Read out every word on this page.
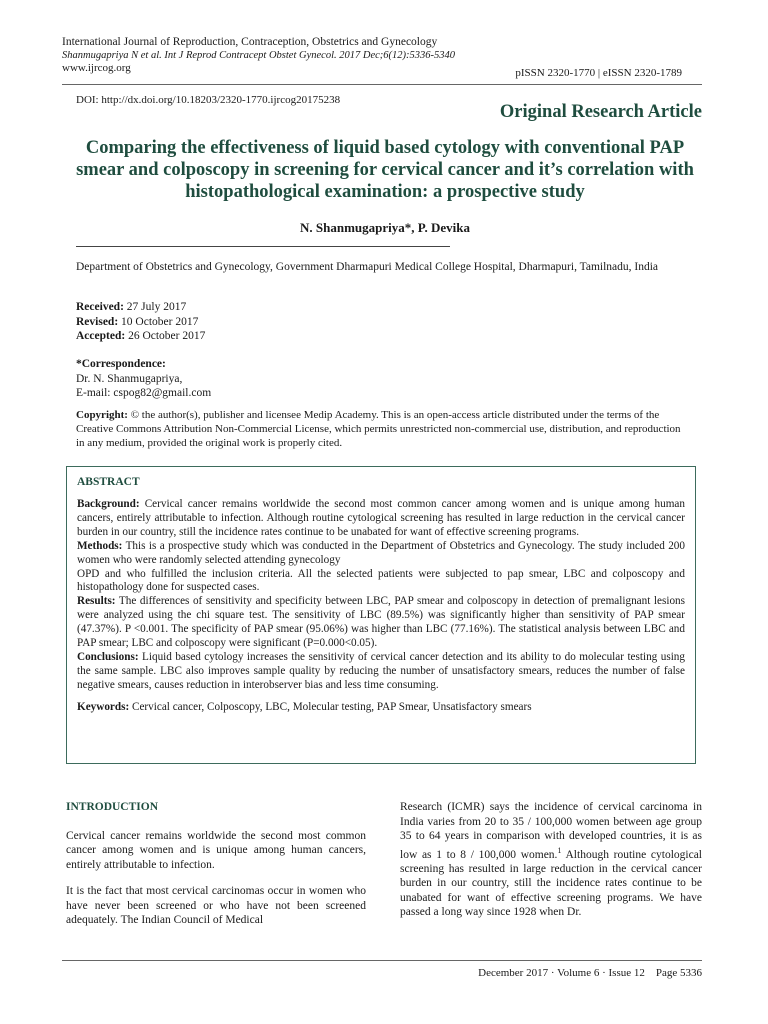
International Journal of Reproduction, Contraception, Obstetrics and Gynecology
Shanmugapriya N et al. Int J Reprod Contracept Obstet Gynecol. 2017 Dec;6(12):5336-5340
www.ijrcog.org	pISSN 2320-1770 | eISSN 2320-1789
DOI: http://dx.doi.org/10.18203/2320-1770.ijrcog20175238
Original Research Article
Comparing the effectiveness of liquid based cytology with conventional PAP smear and colposcopy in screening for cervical cancer and it’s correlation with histopathological examination: a prospective study
N. Shanmugapriya*, P. Devika
Department of Obstetrics and Gynecology, Government Dharmapuri Medical College Hospital, Dharmapuri, Tamilnadu, India
Received: 27 July 2017
Revised: 10 October 2017
Accepted: 26 October 2017
*Correspondence:
Dr. N. Shanmugapriya,
E-mail: cspog82@gmail.com
Copyright: © the author(s), publisher and licensee Medip Academy. This is an open-access article distributed under the terms of the Creative Commons Attribution Non-Commercial License, which permits unrestricted non-commercial use, distribution, and reproduction in any medium, provided the original work is properly cited.
ABSTRACT
Background: Cervical cancer remains worldwide the second most common cancer among women and is unique among human cancers, entirely attributable to infection. Although routine cytological screening has resulted in large reduction in the cervical cancer burden in our country, still the incidence rates continue to be unabated for want of effective screening programs.
Methods: This is a prospective study which was conducted in the Department of Obstetrics and Gynecology. The study included 200 women who were randomly selected attending gynecology
OPD and who fulfilled the inclusion criteria. All the selected patients were subjected to pap smear, LBC and colposcopy and histopathology done for suspected cases.
Results: The differences of sensitivity and specificity between LBC, PAP smear and colposcopy in detection of premalignant lesions were analyzed using the chi square test. The sensitivity of LBC (89.5%) was significantly higher than sensitivity of PAP smear (47.37%). P <0.001. The specificity of PAP smear (95.06%) was higher than LBC (77.16%). The statistical analysis between LBC and PAP smear; LBC and colposcopy were significant (P=0.000<0.05).
Conclusions: Liquid based cytology increases the sensitivity of cervical cancer detection and its ability to do molecular testing using the same sample. LBC also improves sample quality by reducing the number of unsatisfactory smears, reduces the number of false negative smears, causes reduction in interobserver bias and less time consuming.
Keywords: Cervical cancer, Colposcopy, LBC, Molecular testing, PAP Smear, Unsatisfactory smears
INTRODUCTION

Cervical cancer remains worldwide the second most common cancer among women and is unique among human cancers, entirely attributable to infection.

It is the fact that most cervical carcinomas occur in women who have never been screened or who have not been screened adequately. The Indian Council of Medical

Research (ICMR) says the incidence of cervical carcinoma in India varies from 20 to 35 / 100,000 women between age group 35 to 64 years in comparison with developed countries, it is as low as 1 to 8 / 100,000 women.$^1$ Although routine cytological screening has resulted in large reduction in the cervical cancer burden in our country, still the incidence rates continue to be unabated for want of effective screening programs. We have passed a long way since 1928 when Dr.
December 2017 · Volume 6 · Issue 12    Page 5336
